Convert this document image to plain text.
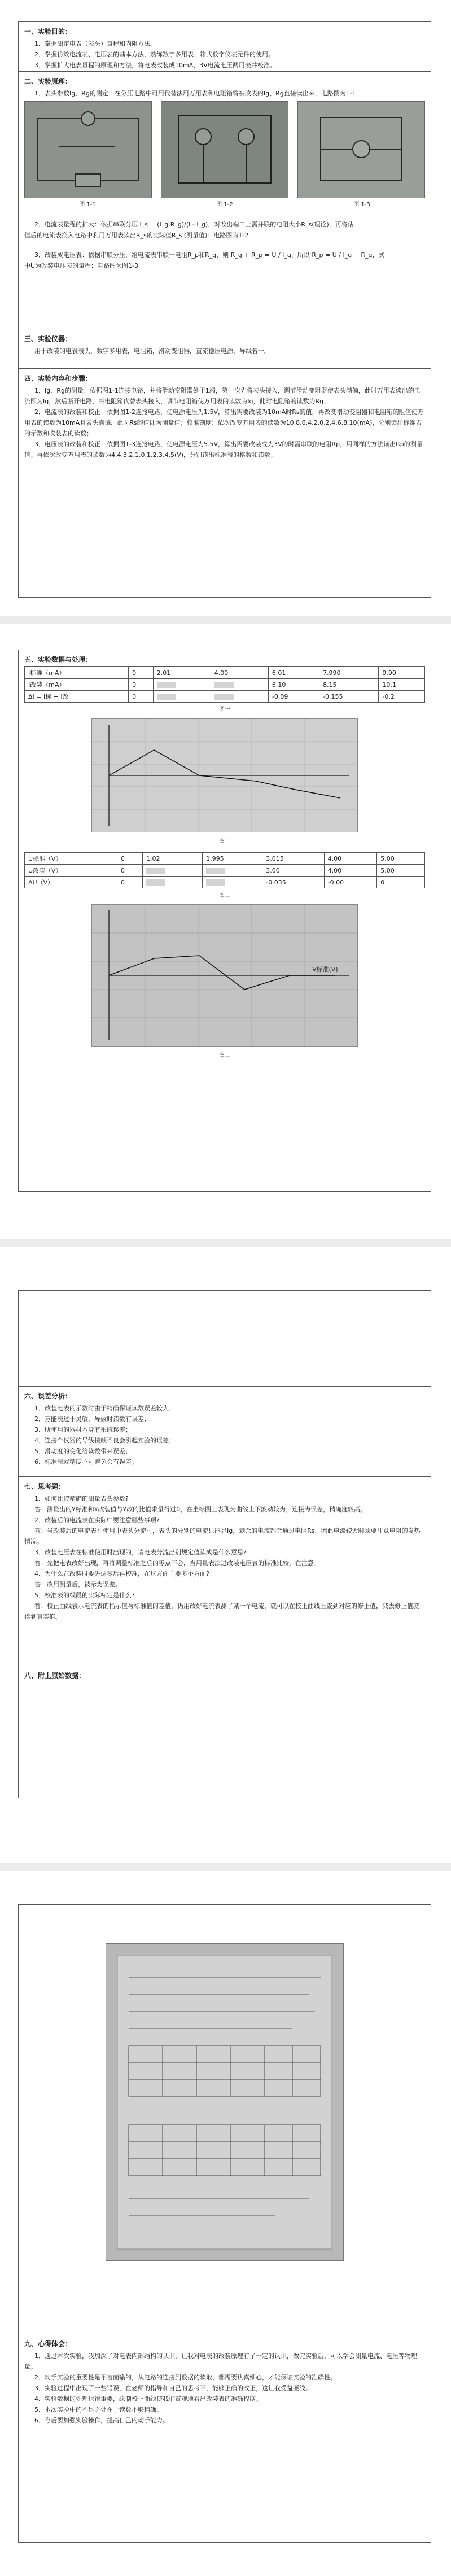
一、实验目的：

1．掌握测定电表（表头）量程和内阻方法。

2．掌握仿效电流表、电压表的基本方法，熟练数字多用表、箱式数字仪表元件的使用。

3．掌握扩大电表量程的原理和方法，将电表改装成10mA、3V电流电压两用表并校准。

二、实验原理：

1．表头参数Ig、Rg的测定：在分压电路中可用代替法用万用表和电阻箱将被改表的Ig、Rg直接读出来，电路图为1-1

图 1-1	图 1-2	图 1-3

2．电流表量程的扩大：依据串联分压 I_s = (I_g R_g)/(I - I_g)，对改出端口上需并联的电阻大小R_s(理论)，再将估

值后的电流表换入电路中利用万用表读出R_s的实际值R_s'(测量值)：电路图为1-2

3．改装成电压表：依据串联分压，给电流表串联一电阻R_p和R_g，则 R_g + R_p = U / I_g，所以 R_p = U / I_g − R_g，式

中U为改装电压表的量程：电路图为图1-3

三、实验仪器：

用于改装的电表表头，数字多用表，电阻箱，滑动变阻器，直流稳压电源，导线若干。

四、实验内容和步骤：

1．Ig、Rg的测量：依据图1-1连接电路，并将滑动变阻器处于1端，第一次先将表头接入，调节滑动变阻器使表头满偏，此时万用表读出的电流即为Ig，然后断开电路，将电阻箱代替表头接入，调节电阻箱使万用表的读数为Ig，此时电阻箱的读数为Rg；

2．电流表的改装和校正：依据图1-2连接电路，使电源电压为1.5V，算出需要改装为10mA时Rs的值，再改变滑动变阻器和电阻箱的阻值使万用表的读数为10mA且表头满偏，此时Rs的值即为测量值；校准刻度：依次改变万用表的读数为10,8,6,4,2,0,2,4,6,8,10(mA)，分别读出标准表的示数和改装表的读数；

3．电压表的改装和校正：依据图1-3连接电路，使电源电压为5.5V，算出需要改装成为3V的时需串联的电阻Rp，用同样的方法读出Rp的测量值；再依次改变万用表的读数为4,4,3,2,1,0,1,2,3,4,5(V)，分别读出标准表的格数和读数；

五、实验数据与处理：
I标准（mA）	0	2.01	4.00	6.01	7.990	9.90
I改装（mA）	0			6.10	8.15	10.1
ΔI = I标 − I改	0			-0.09	-0.155	-0.2
图一
图一
U标准（V）	0	1.02	1.995	3.015	4.00	5.00
U改装（V）	0			3.00	4.00	5.00
ΔU（V）	0			-0.035	-0.00	0
图二
V标准(V)
图二
六、误差分析：

1．改装电表的示数时由于精确保证读数误差较大；

2．万能表过于灵敏，导致时读数有误差；

3．所使用的器材本身有系统误差；

4．连接个仪器的导线接触不良会引起实验的误差；

5．滑动度的变化给读数带来误差；

6．标准表或精度不可避免会有误差。

七、思考题：

1．如何比较精确的测量表头参数?

答：测量出的Y标准和Y改装值与Y改的比值求量得过0，在坐标图上表现为曲线上下波动较为，连接为误差，精确度较高。

2．改装后的电流表在实际中要注意哪些事项?

答：当改装后的电流表在使用中表头分流时，表头的分别的电流只能是Ig，剩余的电流都会通过电阻Rs，因此电流较大时须要注意电阻的发热情况。

3．改装电压表在标准使用时出现的，请电表分流出别规定值读成是什么意思?

答：先把电表改好出现，再将调整标准之后的零点不必，当用量表法进改装电压表的标准比较，在注意。

4．为什么在改装时要先调零后再校准，在这方面主要多个方面?

答：改用测量后，被示为误差。

5．校准表的线段的实际标定是什么?

答：校正曲线表示电流表的指示值与标准值的差值，仍用改好电流表测了某一个电流，就可以在校正曲线上查到对应的修正值，减去修正值就得到真实值。

八、附上原始数据：
九、心得体会：

1．通过本次实验，我加深了对电表内部结构的认识，让我对电表的改装原理有了一定的认识，做完实验后，可以学会测量电流、电压等物理量。

2．动手实验的重要性是不言而喻的，从电路的连接到数据的读取，都需要认真细心，才能保证实验的准确性。

3．实验过程中出现了一些错误，在老师的指导和自己的思考下，能够正确的改正，这让我受益匪浅。

4．实验数据的处理也很重要，绘制校正曲线使我们直观地看出改装表的准确程度。

5．本次实验中的不足之处在于读数不够精确。

6．今后要加强实验操作，提高自己的动手能力。
